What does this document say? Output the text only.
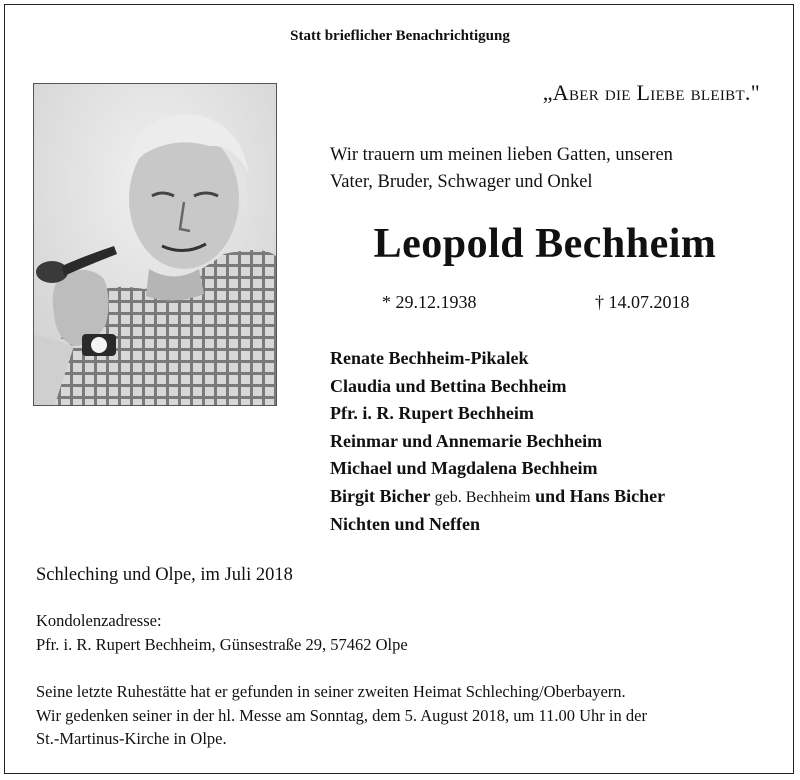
Statt brieflicher Benachrichtigung
„Aber die Liebe bleibt."
Wir trauern um meinen lieben Gatten, unseren
Vater, Bruder, Schwager und Onkel
Leopold Bechheim
* 29.12.1938	† 14.07.2018
Renate Bechheim-Pikalek
Claudia und Bettina Bechheim
Pfr. i. R. Rupert Bechheim
Reinmar und Annemarie Bechheim
Michael und Magdalena Bechheim
Birgit Bicher geb. Bechheim und Hans Bicher
Nichten und Neffen
Schleching und Olpe, im Juli 2018
Kondolenzadresse:
Pfr. i. R. Rupert Bechheim, Günsestraße 29, 57462 Olpe
Seine letzte Ruhestätte hat er gefunden in seiner zweiten Heimat Schleching/Oberbayern.
Wir gedenken seiner in der hl. Messe am Sonntag, dem 5. August 2018, um 11.00 Uhr in der
St.-Martinus-Kirche in Olpe.
